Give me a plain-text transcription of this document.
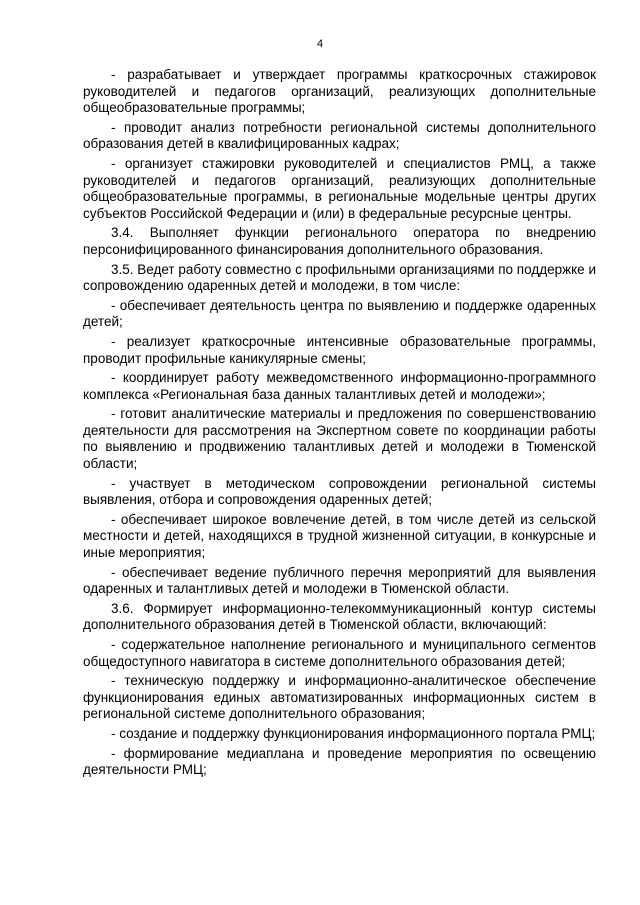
4

- разрабатывает и утверждает программы краткосрочных стажировок руководителей и педагогов организаций, реализующих дополнительные общеобразовательные программы;

- проводит анализ потребности региональной системы дополнительного образования детей в квалифицированных кадрах;

- организует стажировки руководителей и специалистов РМЦ, а также руководителей и педагогов организаций, реализующих дополнительные общеобразовательные программы, в региональные модельные центры других субъектов Российской Федерации и (или) в федеральные ресурсные центры.

3.4. Выполняет функции регионального оператора по внедрению персонифицированного финансирования дополнительного образования.

3.5. Ведет работу совместно с профильными организациями по поддержке и сопровождению одаренных детей и молодежи, в том числе:

- обеспечивает деятельность центра по выявлению и поддержке одаренных детей;

- реализует краткосрочные интенсивные образовательные программы, проводит профильные каникулярные смены;

- координирует работу межведомственного информационно-программного комплекса «Региональная база данных талантливых детей и молодежи»;

- готовит аналитические материалы и предложения по совершенствованию деятельности для рассмотрения на Экспертном совете по координации работы по выявлению и продвижению талантливых детей и молодежи в Тюменской области;

- участвует в методическом сопровождении региональной системы выявления, отбора и сопровождения одаренных детей;

- обеспечивает широкое вовлечение детей, в том числе детей из сельской местности и детей, находящихся в трудной жизненной ситуации, в конкурсные и иные мероприятия;

- обеспечивает ведение публичного перечня мероприятий для выявления одаренных и талантливых детей и молодежи в Тюменской области.

3.6. Формирует информационно-телекоммуникационный контур системы дополнительного образования детей в Тюменской области, включающий:

- содержательное наполнение регионального и муниципального сегментов общедоступного навигатора в системе дополнительного образования детей;

- техническую поддержку и информационно-аналитическое обеспечение функционирования единых автоматизированных информационных систем в региональной системе дополнительного образования;

- создание и поддержку функционирования информационного портала РМЦ;

- формирование медиаплана и проведение мероприятия по освещению деятельности РМЦ;
